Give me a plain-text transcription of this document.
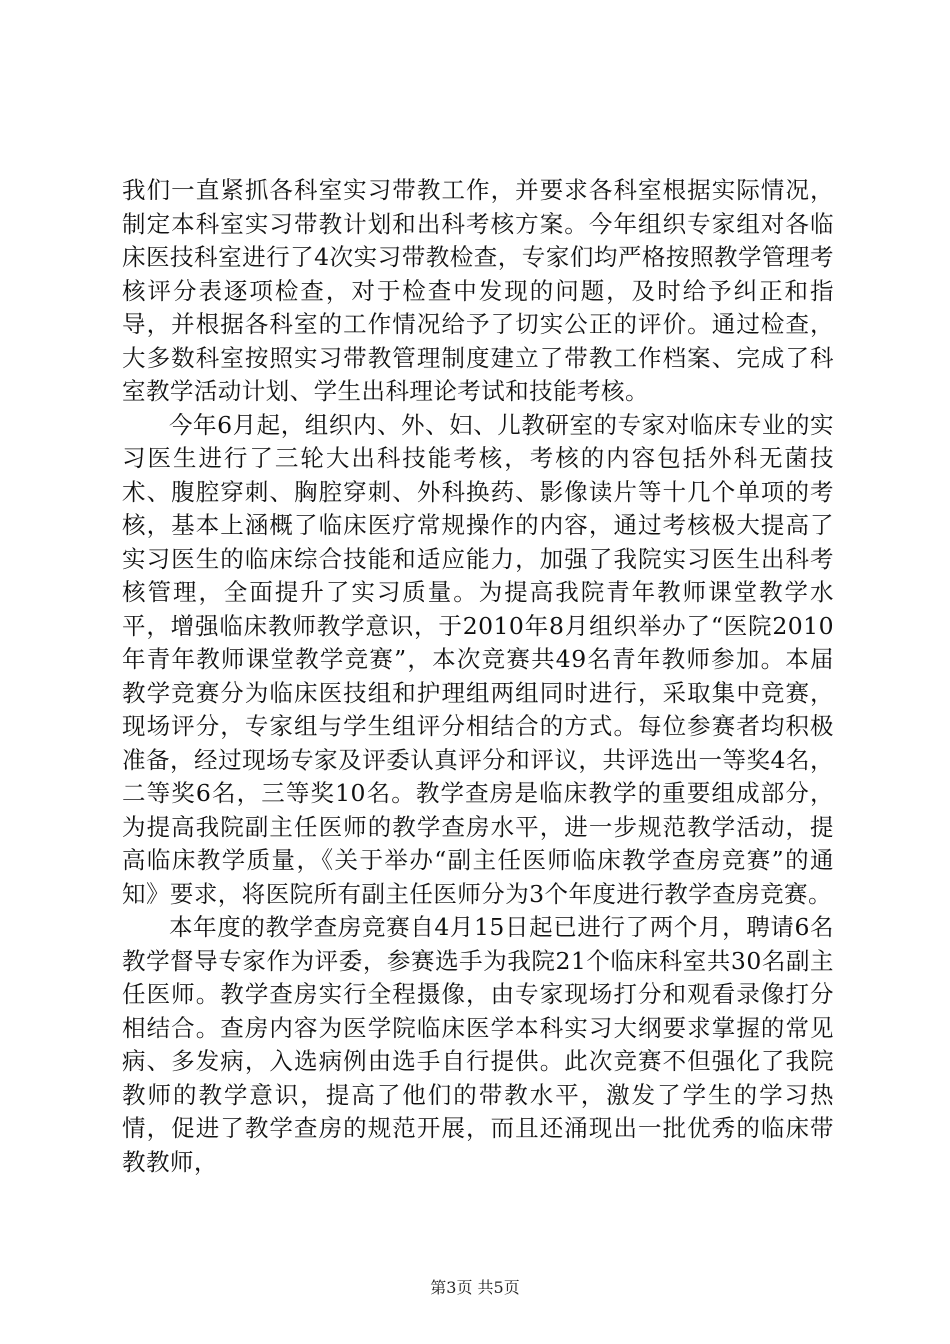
我们一直紧抓各科室实习带教工作，并要求各科室根据实际情况，制定本科室实习带教计划和出科考核方案。今年组织专家组对各临床医技科室进行了4次实习带教检查，专家们均严格按照教学管理考核评分表逐项检查，对于检查中发现的问题，及时给予纠正和指导，并根据各科室的工作情况给予了切实公正的评价。通过检查，大多数科室按照实习带教管理制度建立了带教工作档案、完成了科室教学活动计划、学生出科理论考试和技能考核。

今年6月起，组织内、外、妇、儿教研室的专家对临床专业的实习医生进行了三轮大出科技能考核，考核的内容包括外科无菌技术、腹腔穿刺、胸腔穿刺、外科换药、影像读片等十几个单项的考核，基本上涵概了临床医疗常规操作的内容，通过考核极大提高了实习医生的临床综合技能和适应能力，加强了我院实习医生出科考核管理，全面提升了实习质量。为提高我院青年教师课堂教学水平，增强临床教师教学意识，于2010年8月组织举办了“医院2010年青年教师课堂教学竞赛”，本次竞赛共49名青年教师参加。本届教学竞赛分为临床医技组和护理组两组同时进行，采取集中竞赛，现场评分，专家组与学生组评分相结合的方式。每位参赛者均积极准备，经过现场专家及评委认真评分和评议，共评选出一等奖4名，二等奖6名，三等奖10名。教学查房是临床教学的重要组成部分，为提高我院副主任医师的教学查房水平，进一步规范教学活动，提高临床教学质量，《关于举办“副主任医师临床教学查房竞赛”的通知》要求，将医院所有副主任医师分为3个年度进行教学查房竞赛。

本年度的教学查房竞赛自4月15日起已进行了两个月，聘请6名教学督导专家作为评委，参赛选手为我院21个临床科室共30名副主任医师。教学查房实行全程摄像，由专家现场打分和观看录像打分相结合。查房内容为医学院临床医学本科实习大纲要求掌握的常见病、多发病，入选病例由选手自行提供。此次竞赛不但强化了我院教师的教学意识，提高了他们的带教水平，激发了学生的学习热情，促进了教学查房的规范开展，而且还涌现出一批优秀的临床带教教师，

第3页 共5页
